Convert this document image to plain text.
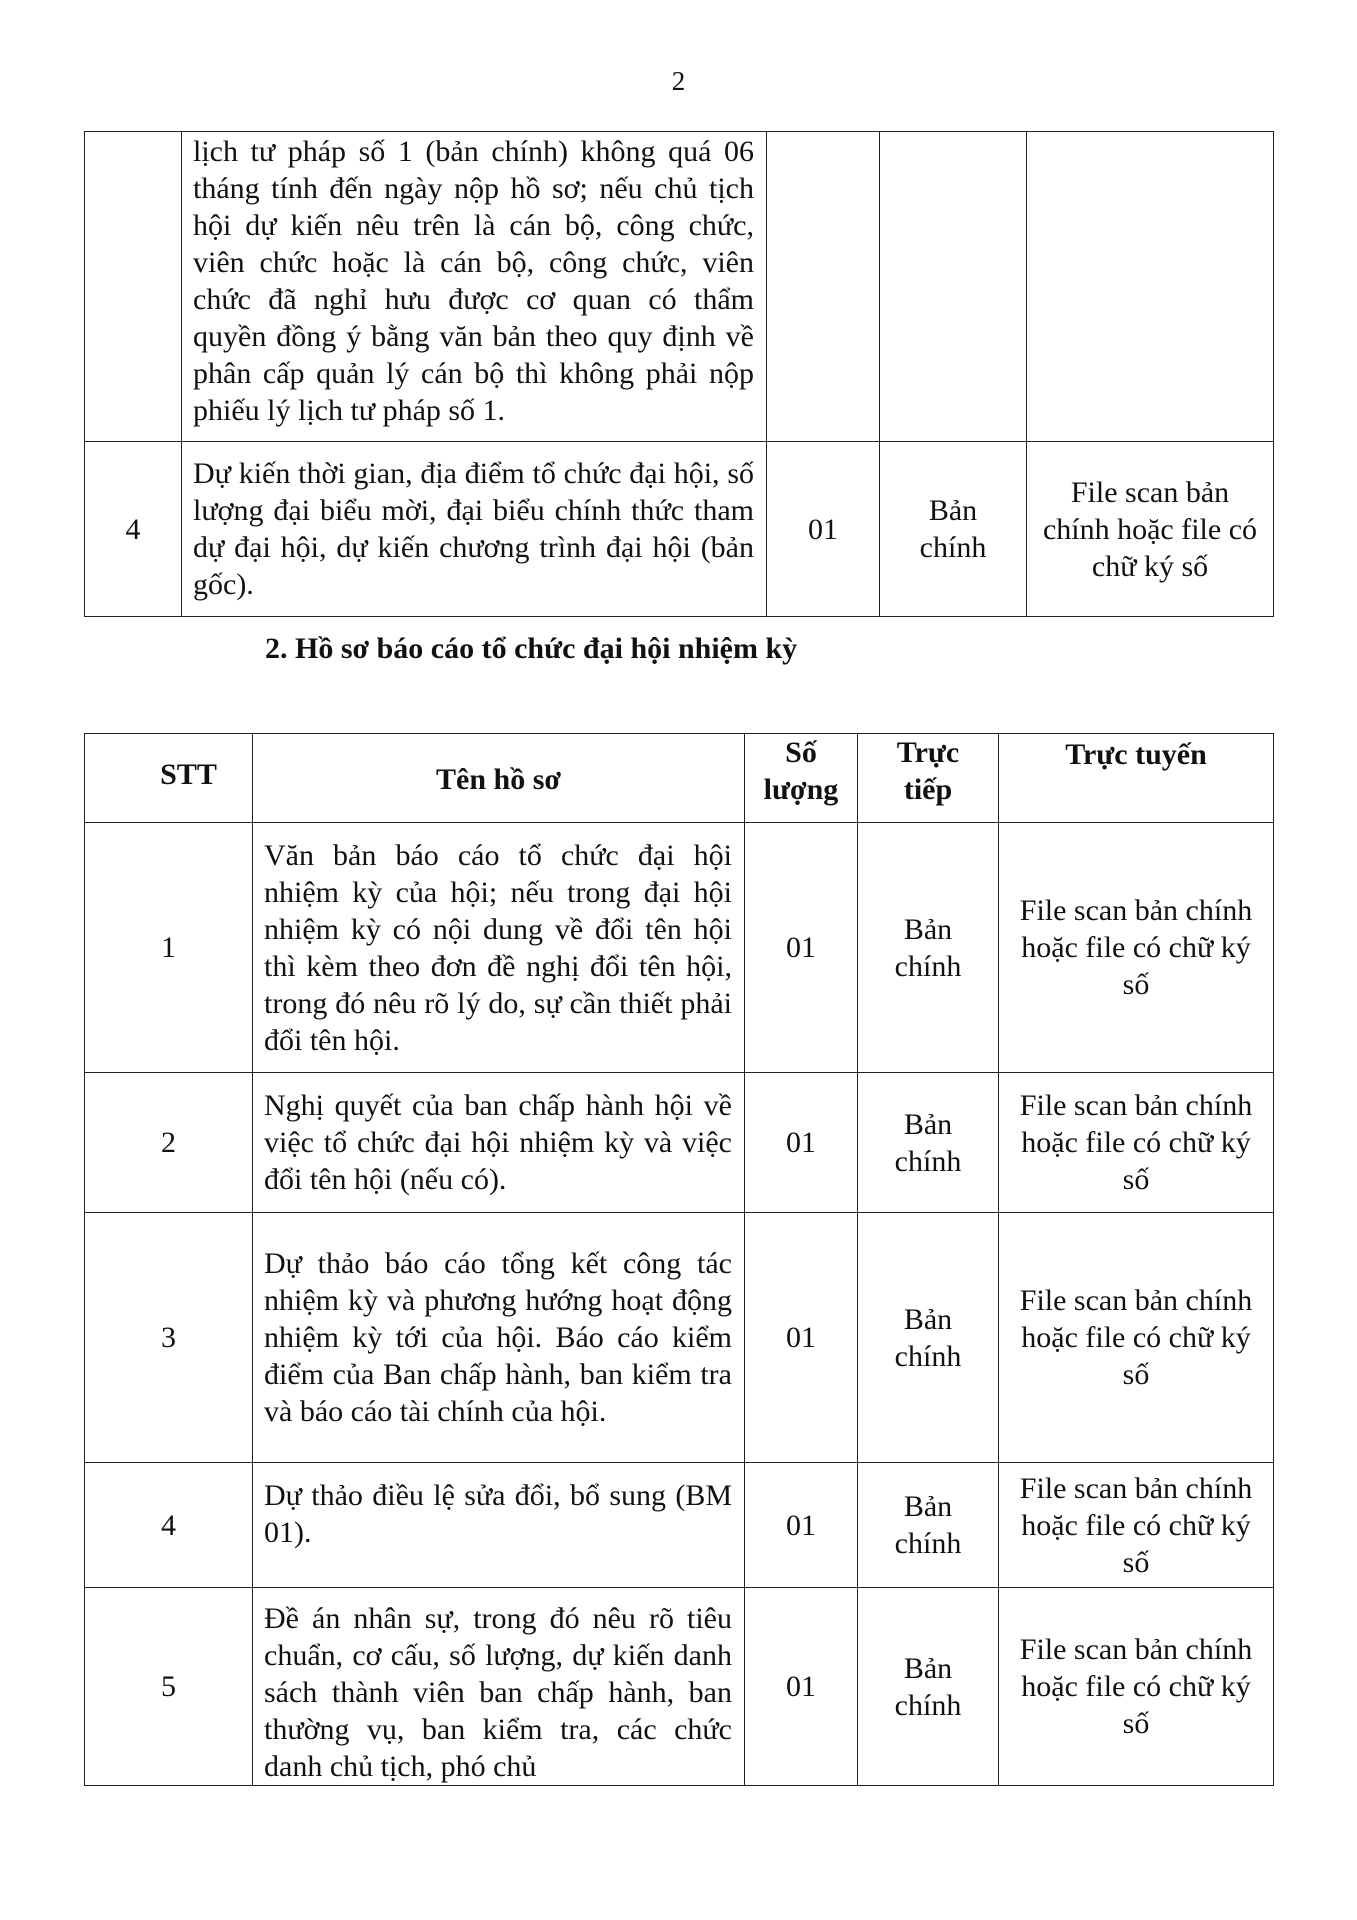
2
	lịch tư pháp số 1 (bản chính) không quá 06 tháng tính đến ngày nộp hồ sơ; nếu chủ tịch hội dự kiến nêu trên là cán bộ, công chức, viên chức hoặc là cán bộ, công chức, viên chức đã nghỉ hưu được cơ quan có thẩm quyền đồng ý bằng văn bản theo quy định về phân cấp quản lý cán bộ thì không phải nộp phiếu lý lịch tư pháp số 1.			
4	Dự kiến thời gian, địa điểm tổ chức đại hội, số lượng đại biểu mời, đại biểu chính thức tham dự đại hội, dự kiến chương trình đại hội (bản gốc).	01	Bản chính	File scan bản chính hoặc file có chữ ký số
2. Hồ sơ báo cáo tổ chức đại hội nhiệm kỳ
STT	Tên hồ sơ	Số lượng	Trực tiếp	Trực tuyến
1	Văn bản báo cáo tổ chức đại hội nhiệm kỳ của hội; nếu trong đại hội nhiệm kỳ có nội dung về đổi tên hội thì kèm theo đơn đề nghị đổi tên hội, trong đó nêu rõ lý do, sự cần thiết phải đổi tên hội.	01	Bản chính	File scan bản chính hoặc file có chữ ký số
2	Nghị quyết của ban chấp hành hội về việc tổ chức đại hội nhiệm kỳ và việc đổi tên hội (nếu có).	01	Bản chính	File scan bản chính hoặc file có chữ ký số
3	Dự thảo báo cáo tổng kết công tác nhiệm kỳ và phương hướng hoạt động nhiệm kỳ tới của hội. Báo cáo kiểm điểm của Ban chấp hành, ban kiểm tra và báo cáo tài chính của hội.	01	Bản chính	File scan bản chính hoặc file có chữ ký số
4	Dự thảo điều lệ sửa đổi, bổ sung (BM 01).	01	Bản chính	File scan bản chính hoặc file có chữ ký số
5	Đề án nhân sự, trong đó nêu rõ tiêu chuẩn, cơ cấu, số lượng, dự kiến danh sách thành viên ban chấp hành, ban thường vụ, ban kiểm tra, các chức danh chủ tịch, phó chủ	01	Bản chính	File scan bản chính hoặc file có chữ ký số
